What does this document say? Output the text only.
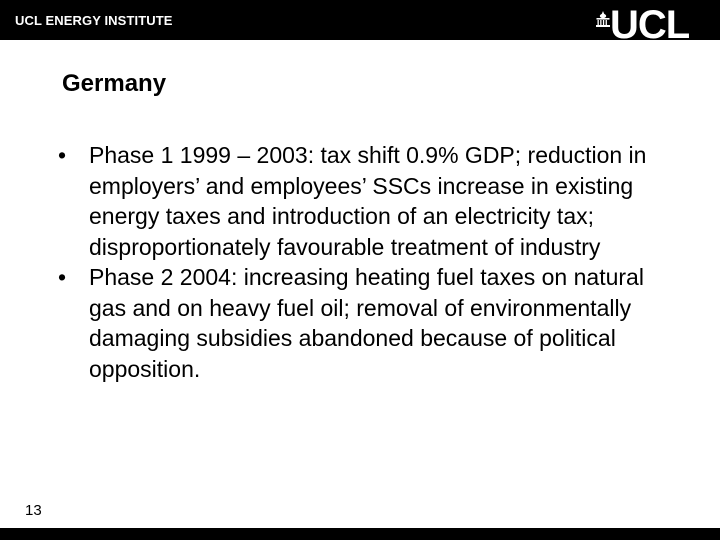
UCL ENERGY INSTITUTE	UCL
Germany
• Phase 1 1999 – 2003: tax shift 0.9% GDP; reduction in employers’ and employees’ SSCs increase in existing energy taxes and introduction of an electricity tax; disproportionately favourable treatment of industry
• Phase 2 2004: increasing heating fuel taxes on natural gas and on heavy fuel oil; removal of environmentally damaging subsidies abandoned because of political opposition.
13
